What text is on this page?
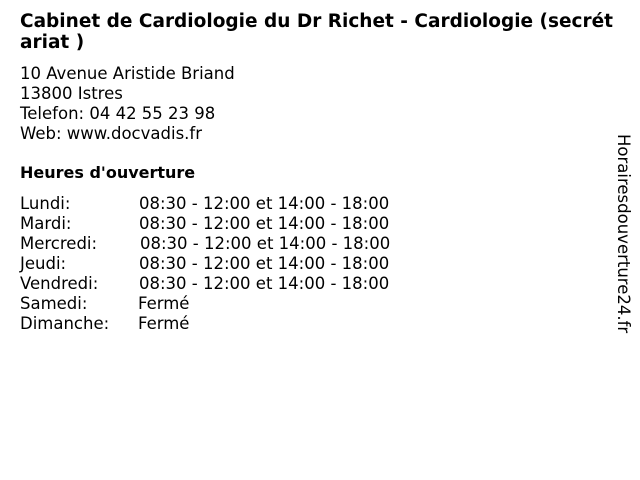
Cabinet de Cardiologie du Dr Richet - Cardiologie (secrétariat )
10 Avenue Aristide Briand
13800 Istres
Telefon: 04 42 55 23 98
Web: www.docvadis.fr
Heures d'ouverture
Lundi:	08:30 - 12:00 et 14:00 - 18:00
Mardi:	08:30 - 12:00 et 14:00 - 18:00
Mercredi:	08:30 - 12:00 et 14:00 - 18:00
Jeudi:	08:30 - 12:00 et 14:00 - 18:00
Vendredi: 08:30 - 12:00 et 14:00 - 18:00
Samedi:	Fermé
Dimanche: Fermé	Horairesdouverture24.fr
